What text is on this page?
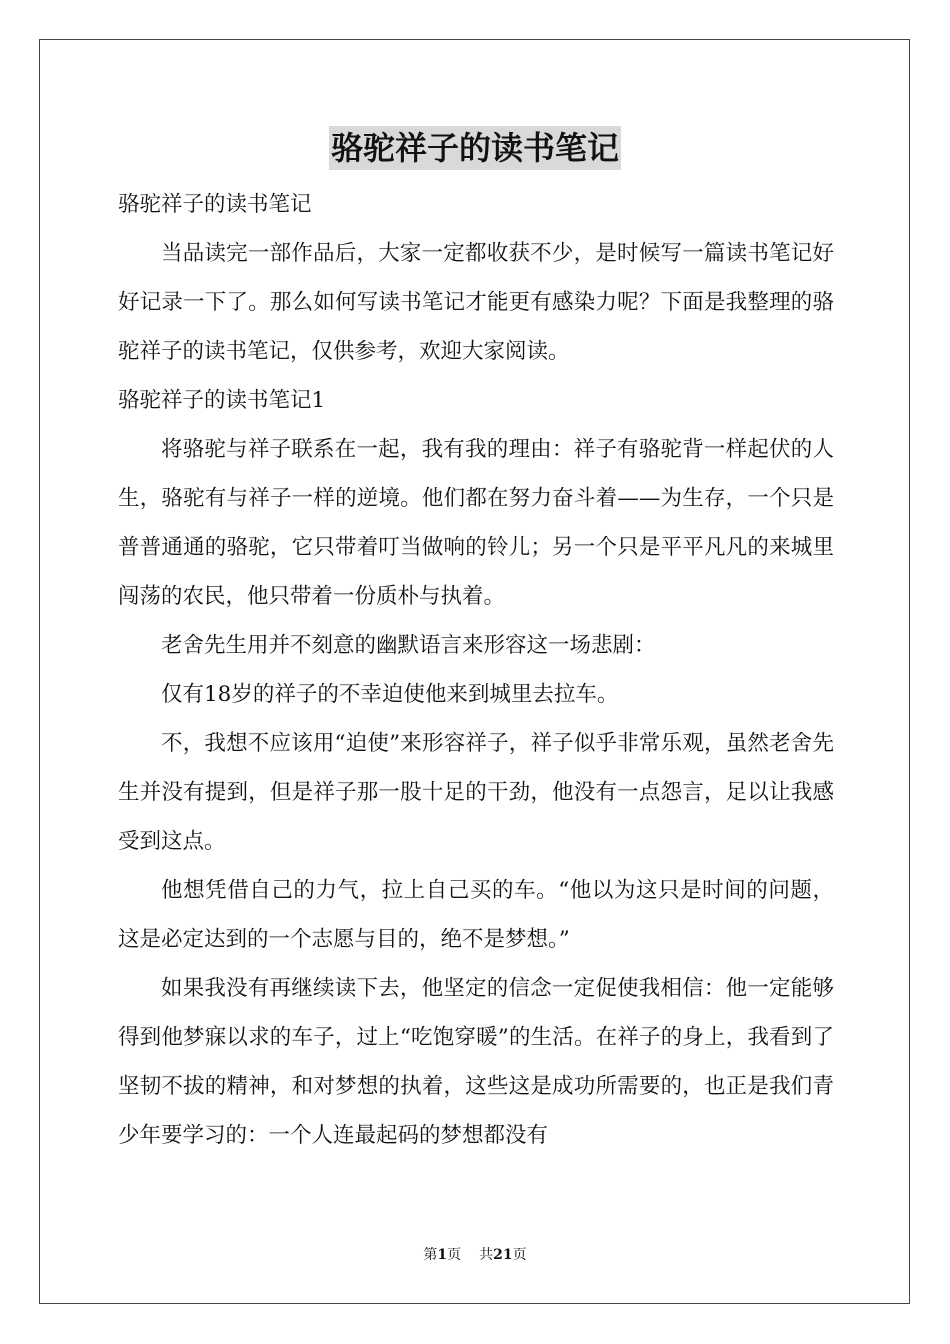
骆驼祥子的读书笔记

骆驼祥子的读书笔记

当品读完一部作品后，大家一定都收获不少，是时候写一篇读书笔记好好记录一下了。那么如何写读书笔记才能更有感染力呢？下面是我整理的骆驼祥子的读书笔记，仅供参考，欢迎大家阅读。

骆驼祥子的读书笔记1

将骆驼与祥子联系在一起，我有我的理由：祥子有骆驼背一样起伏的人生，骆驼有与祥子一样的逆境。他们都在努力奋斗着——为生存，一个只是普普通通的骆驼，它只带着叮当做响的铃儿；另一个只是平平凡凡的来城里闯荡的农民，他只带着一份质朴与执着。

老舍先生用并不刻意的幽默语言来形容这一场悲剧：

仅有18岁的祥子的不幸迫使他来到城里去拉车。

不，我想不应该用“迫使”来形容祥子，祥子似乎非常乐观，虽然老舍先生并没有提到，但是祥子那一股十足的干劲，他没有一点怨言，足以让我感受到这点。

他想凭借自己的力气，拉上自己买的车。“他以为这只是时间的问题，这是必定达到的一个志愿与目的，绝不是梦想。”

如果我没有再继续读下去，他坚定的信念一定促使我相信：他一定能够得到他梦寐以求的车子，过上“吃饱穿暖”的生活。在祥子的身上，我看到了坚韧不拔的精神，和对梦想的执着，这些这是成功所需要的，也正是我们青少年要学习的：一个人连最起码的梦想都没有

第1页 共21页
